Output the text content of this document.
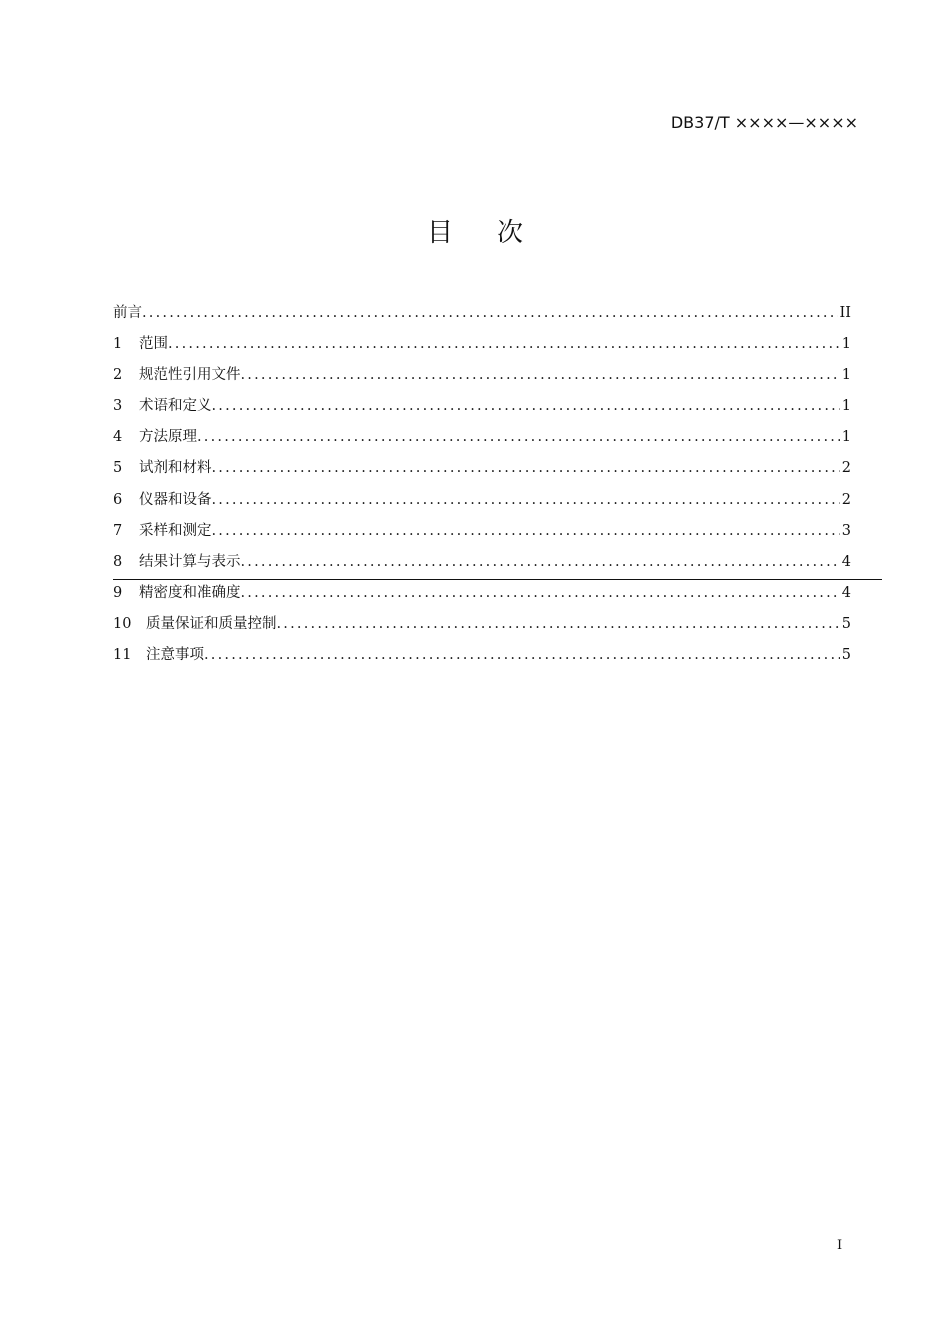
DB37/T ××××—××××
目 次
前言 .....	II
1	范围 .....	1
2	规范性引用文件 .....	1
3	术语和定义 .....	1
4	方法原理 .....	1
5	试剂和材料 .....	2
6	仪器和设备 .....	2
7	采样和测定 .....	3
8	结果计算与表示 .....	4
9	精密度和准确度 .....	4
10	质量保证和质量控制 .....	5
11	注意事项 .....	5
I
